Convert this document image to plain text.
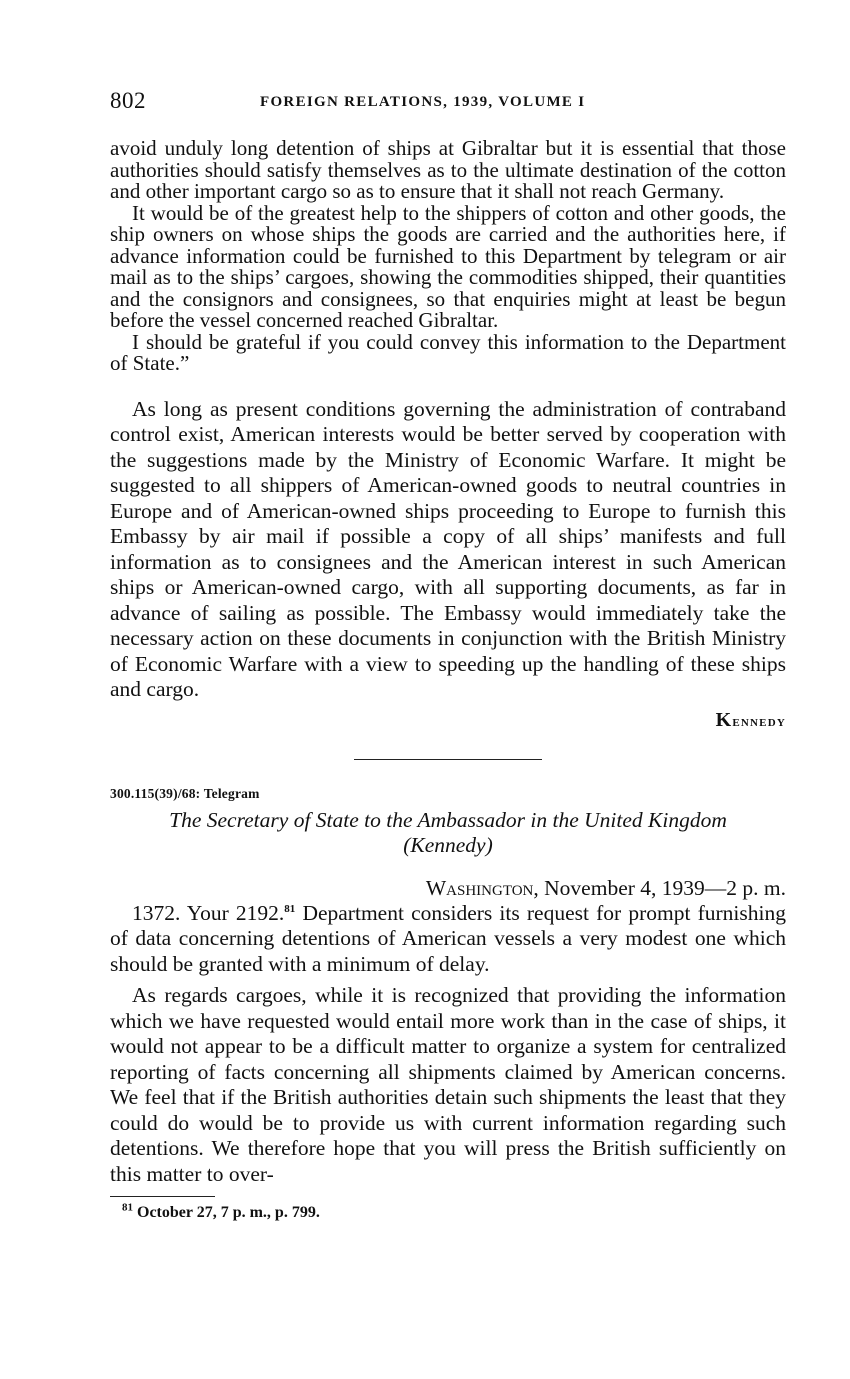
802	FOREIGN RELATIONS, 1939, VOLUME I

avoid unduly long detention of ships at Gibraltar but it is essential that those authorities should satisfy themselves as to the ultimate destination of the cotton and other important cargo so as to ensure that it shall not reach Germany.

It would be of the greatest help to the shippers of cotton and other goods, the ship owners on whose ships the goods are carried and the authorities here, if advance information could be furnished to this Department by telegram or air mail as to the ships’ cargoes, showing the commodities shipped, their quantities and the consignors and consignees, so that enquiries might at least be begun before the vessel concerned reached Gibraltar.

I should be grateful if you could convey this information to the Department of State.”

As long as present conditions governing the administration of contraband control exist, American interests would be better served by cooperation with the suggestions made by the Ministry of Economic Warfare. It might be suggested to all shippers of American-owned goods to neutral countries in Europe and of American-owned ships proceeding to Europe to furnish this Embassy by air mail if possible a copy of all ships’ manifests and full information as to consignees and the American interest in such American ships or American-owned cargo, with all supporting documents, as far in advance of sailing as possible. The Embassy would immediately take the necessary action on these documents in conjunction with the British Ministry of Economic Warfare with a view to speeding up the handling of these ships and cargo.

Kennedy
300.115(39)/68: Telegram
The Secretary of State to the Ambassador in the United Kingdom
(Kennedy)
Washington, November 4, 1939—2 p. m.

1372. Your 2192.81 Department considers its request for prompt furnishing of data concerning detentions of American vessels a very modest one which should be granted with a minimum of delay.

As regards cargoes, while it is recognized that providing the information which we have requested would entail more work than in the case of ships, it would not appear to be a difficult matter to organize a system for centralized reporting of facts concerning all shipments claimed by American concerns. We feel that if the British authorities detain such shipments the least that they could do would be to provide us with current information regarding such detentions. We therefore hope that you will press the British sufficiently on this matter to over-

$^{81}$ October 27, 7 p. m., p. 799.
